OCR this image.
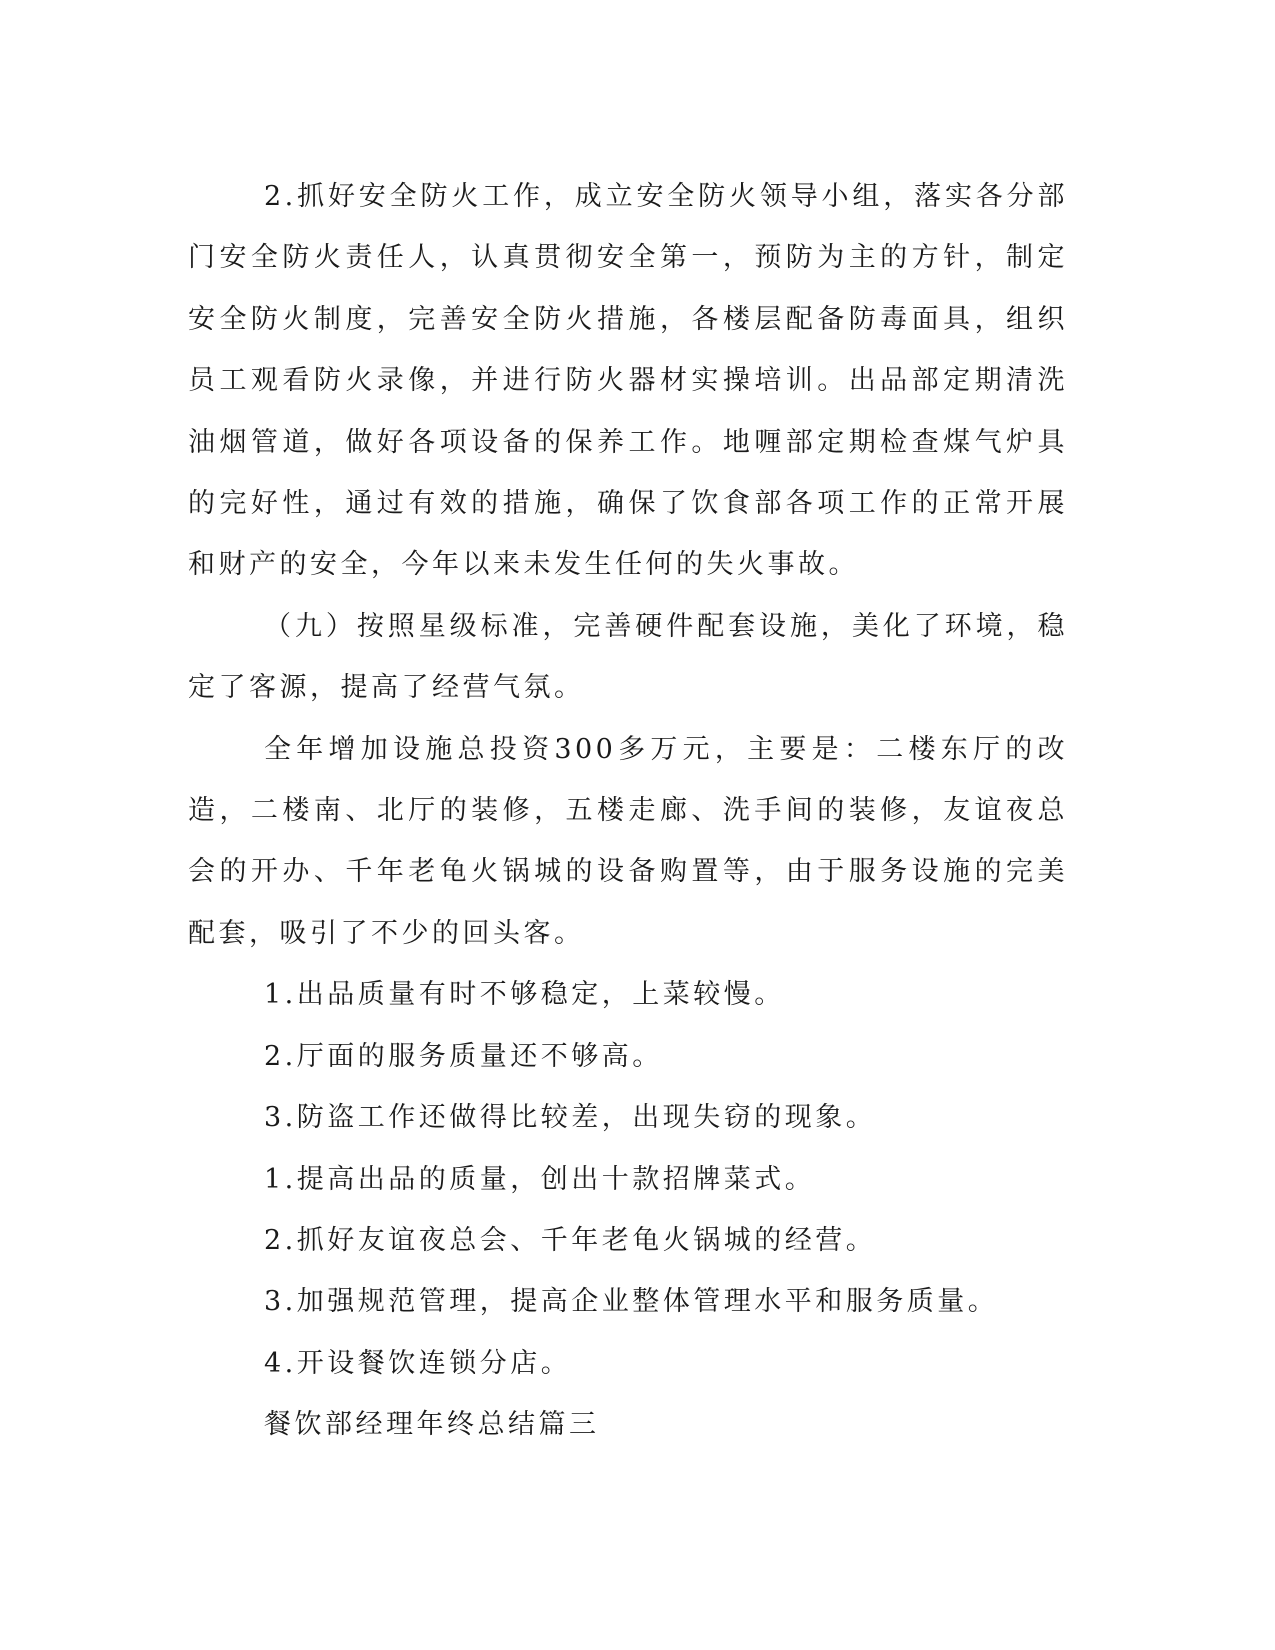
2.抓好安全防火工作，成立安全防火领导小组，落实各分部门安全防火责任人，认真贯彻安全第一，预防为主的方针，制定安全防火制度，完善安全防火措施，各楼层配备防毒面具，组织员工观看防火录像，并进行防火器材实操培训。出品部定期清洗油烟管道，做好各项设备的保养工作。地喱部定期检查煤气炉具的完好性，通过有效的措施，确保了饮食部各项工作的正常开展和财产的安全，今年以来未发生任何的失火事故。

（九）按照星级标准，完善硬件配套设施，美化了环境，稳定了客源，提高了经营气氛。

全年增加设施总投资300多万元，主要是：二楼东厅的改造，二楼南、北厅的装修，五楼走廊、洗手间的装修，友谊夜总会的开办、千年老龟火锅城的设备购置等，由于服务设施的完美配套，吸引了不少的回头客。

1.出品质量有时不够稳定，上菜较慢。

2.厅面的服务质量还不够高。

3.防盗工作还做得比较差，出现失窃的现象。

1.提高出品的质量，创出十款招牌菜式。

2.抓好友谊夜总会、千年老龟火锅城的经营。

3.加强规范管理，提高企业整体管理水平和服务质量。

4.开设餐饮连锁分店。

餐饮部经理年终总结篇三
